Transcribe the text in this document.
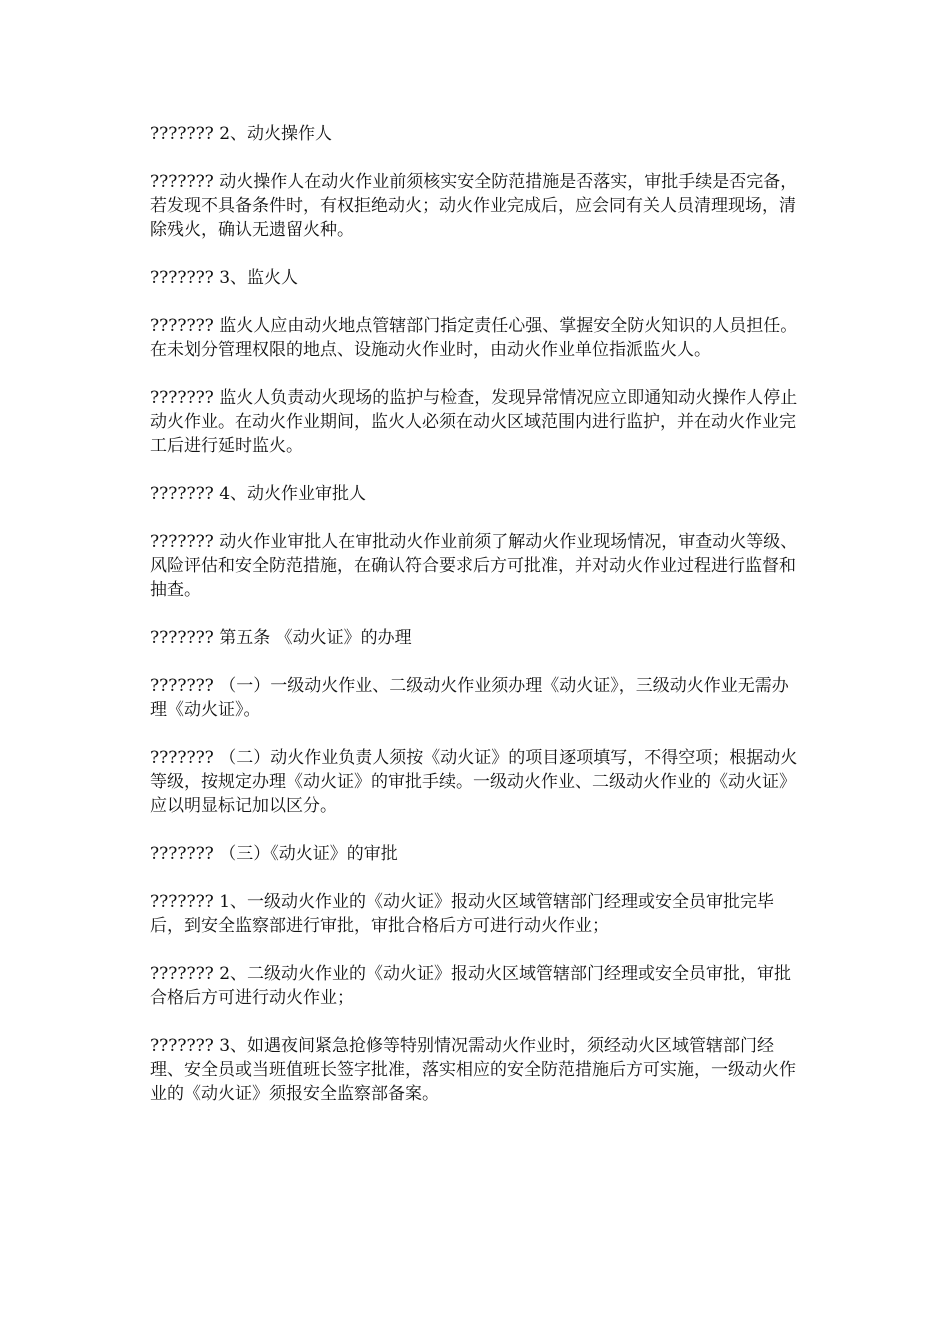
??????? 2、动火操作人

??????? 动火操作人在动火作业前须核实安全防范措施是否落实，审批手续是否完备，若发现不具备条件时，有权拒绝动火；动火作业完成后，应会同有关人员清理现场，清除残火，确认无遗留火种。

??????? 3、监火人

??????? 监火人应由动火地点管辖部门指定责任心强、掌握安全防火知识的人员担任。在未划分管理权限的地点、设施动火作业时，由动火作业单位指派监火人。

??????? 监火人负责动火现场的监护与检查，发现异常情况应立即通知动火操作人停止动火作业。在动火作业期间，监火人必须在动火区域范围内进行监护，并在动火作业完工后进行延时监火。

??????? 4、动火作业审批人

??????? 动火作业审批人在审批动火作业前须了解动火作业现场情况，审查动火等级、风险评估和安全防范措施，在确认符合要求后方可批准，并对动火作业过程进行监督和抽查。

??????? 第五条 《动火证》的办理

??????? （一）一级动火作业、二级动火作业须办理《动火证》，三级动火作业无需办理《动火证》。

??????? （二）动火作业负责人须按《动火证》的项目逐项填写，不得空项；根据动火等级，按规定办理《动火证》的审批手续。一级动火作业、二级动火作业的《动火证》应以明显标记加以区分。

??????? （三）《动火证》的审批

??????? 1、一级动火作业的《动火证》报动火区域管辖部门经理或安全员审批完毕后，到安全监察部进行审批，审批合格后方可进行动火作业；

??????? 2、二级动火作业的《动火证》报动火区域管辖部门经理或安全员审批，审批合格后方可进行动火作业；

??????? 3、如遇夜间紧急抢修等特别情况需动火作业时，须经动火区域管辖部门经理、安全员或当班值班长签字批准，落实相应的安全防范措施后方可实施，一级动火作业的《动火证》须报安全监察部备案。
